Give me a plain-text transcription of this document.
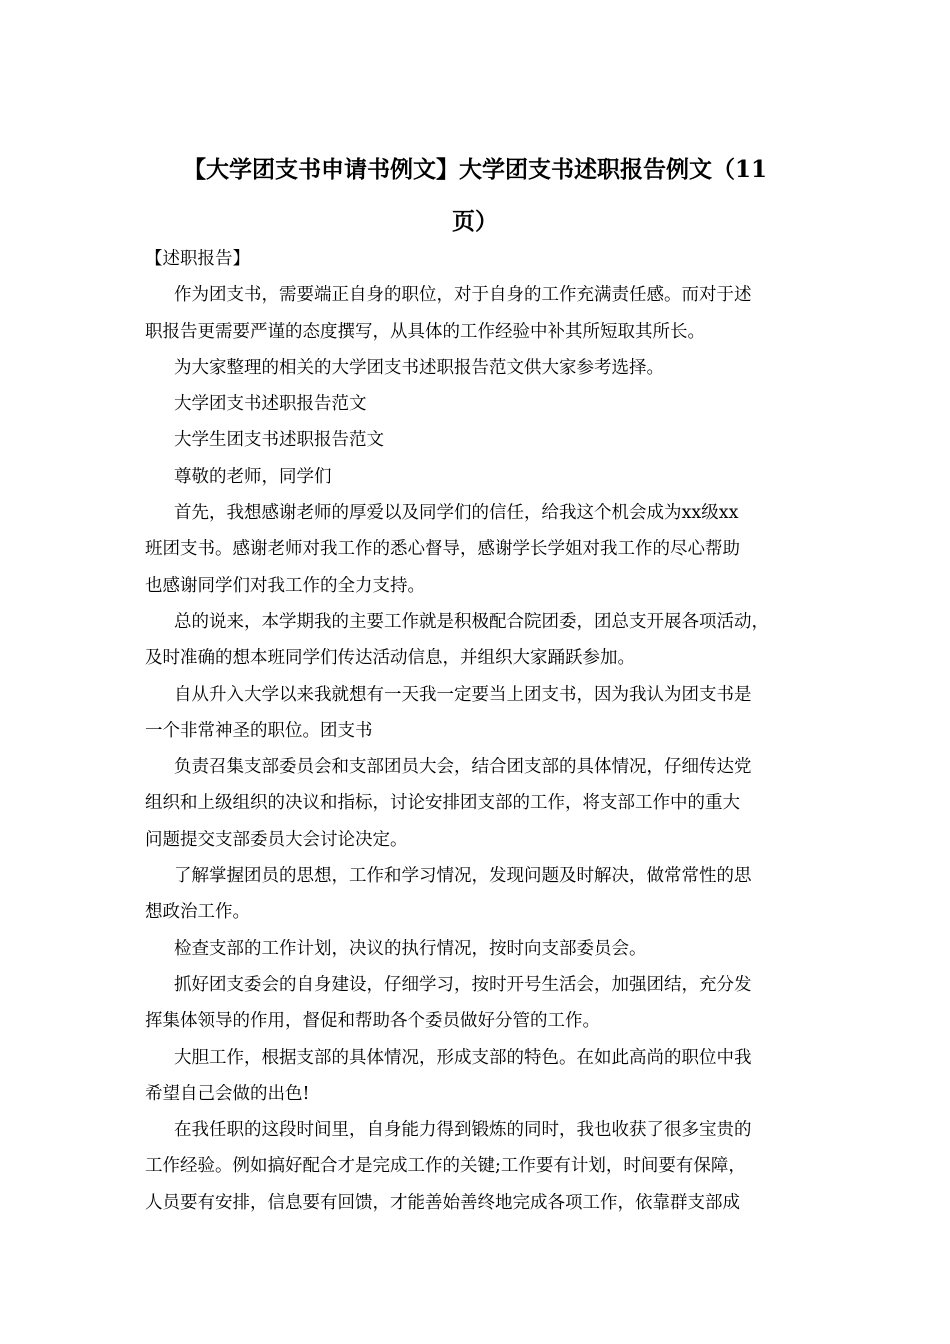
【大学团支书申请书例文】大学团支书述职报告例文（11
页）
【述职报告】
作为团支书，需要端正自身的职位，对于自身的工作充满责任感。而对于述
职报告更需要严谨的态度撰写，从具体的工作经验中补其所短取其所长。
为大家整理的相关的大学团支书述职报告范文供大家参考选择。
大学团支书述职报告范文
大学生团支书述职报告范文
尊敬的老师，同学们
首先，我想感谢老师的厚爱以及同学们的信任，给我这个机会成为xx级xx
班团支书。感谢老师对我工作的悉心督导，感谢学长学姐对我工作的尽心帮助
也感谢同学们对我工作的全力支持。
总的说来，本学期我的主要工作就是积极配合院团委，团总支开展各项活动，
及时准确的想本班同学们传达活动信息，并组织大家踊跃参加。
自从升入大学以来我就想有一天我一定要当上团支书，因为我认为团支书是
一个非常神圣的职位。团支书
负责召集支部委员会和支部团员大会，结合团支部的具体情况，仔细传达党
组织和上级组织的决议和指标，讨论安排团支部的工作，将支部工作中的重大
问题提交支部委员大会讨论决定。
了解掌握团员的思想，工作和学习情况，发现问题及时解决，做常常性的思
想政治工作。
检查支部的工作计划，决议的执行情况，按时向支部委员会。
抓好团支委会的自身建设，仔细学习，按时开号生活会，加强团结，充分发
挥集体领导的作用，督促和帮助各个委员做好分管的工作。
大胆工作，根据支部的具体情况，形成支部的特色。在如此高尚的职位中我
希望自己会做的出色!
在我任职的这段时间里，自身能力得到锻炼的同时，我也收获了很多宝贵的
工作经验。例如搞好配合才是完成工作的关键;工作要有计划，时间要有保障，
人员要有安排，信息要有回馈，才能善始善终地完成各项工作，依靠群支部成
